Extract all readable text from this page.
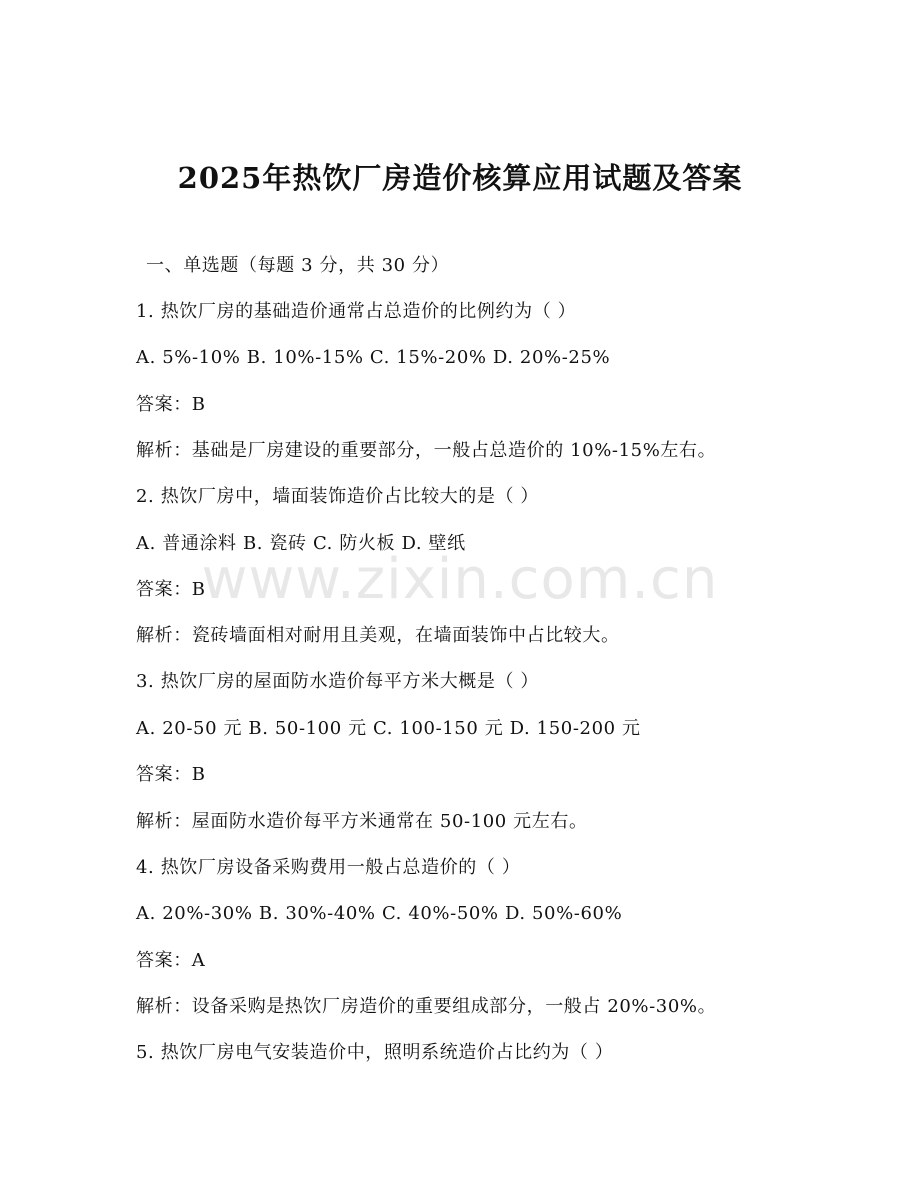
2025年热饮厂房造价核算应用试题及答案
一、单选题（每题 3 分，共 30 分）
1. 热饮厂房的基础造价通常占总造价的比例约为（ ）
A. 5%-10% B. 10%-15% C. 15%-20% D. 20%-25%
答案：B
解析：基础是厂房建设的重要部分，一般占总造价的 10%-15%左右。
2. 热饮厂房中，墙面装饰造价占比较大的是（ ）
A. 普通涂料 B. 瓷砖 C. 防火板 D. 壁纸
答案：B
解析：瓷砖墙面相对耐用且美观，在墙面装饰中占比较大。
3. 热饮厂房的屋面防水造价每平方米大概是（ ）
A. 20-50 元 B. 50-100 元 C. 100-150 元 D. 150-200 元
答案：B
解析：屋面防水造价每平方米通常在 50-100 元左右。
4. 热饮厂房设备采购费用一般占总造价的（ ）
A. 20%-30% B. 30%-40% C. 40%-50% D. 50%-60%
答案：A
解析：设备采购是热饮厂房造价的重要组成部分，一般占 20%-30%。
5. 热饮厂房电气安装造价中，照明系统造价占比约为（ ）
www.zixin.com.cn
